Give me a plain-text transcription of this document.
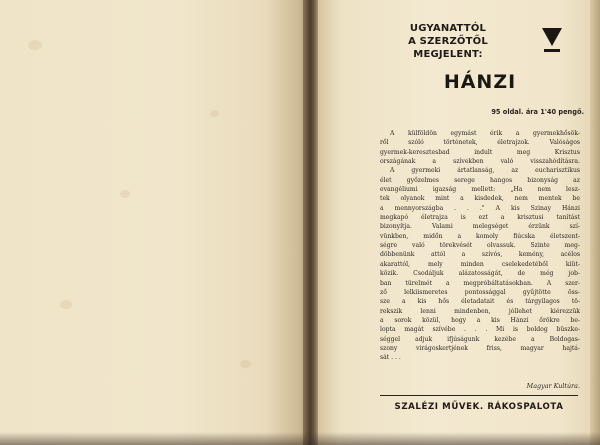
UGYANATTÓL
A SZERZŐTŐL
MEGJELENT:
HÁNZI
95 oldal. ára 1'40 pengő.
A külföldön egymást érik a gyermekhősök-
ről szóló történetek, életrajzok. Valóságos
gyermek-keresztesbad indult meg Krisztus
országának a szívekben való visszahódításra.
A gyermeki ártatlanság, az eucharisztikus
élet győzelmes serege hangos bizonyság az
evangéliumi igazság mellett: „Ha nem lesz-
tek olyanok mint a kisdedek, nem mentek be
a mennyországba . . ." A kis Szinay Hánzi
megkapó életrajza is ezt a krisztusi tanítást
bizonyítja. Valami melegséget érzünk szí-
vünkben, midőn a komoly fiúcska életszent-
ségre való törekvését olvassuk. Szinte meg-
döbbenünk attól a szívós, kemény, acélos
akarattól, mely minden cselekedetéből kiüt-
közik. Csodáljuk alázatosságát, de még job-
ban türelmét a megpróbáltatásokban. A szer-
ző lelkiismeretes pontossággal gyűjtötte öss-
sze a kis hős életadatait és tárgyilagos tö-
rekszik lenni mindenben, jóllehet kiérezzük
a sorok közül, hogy a kis Hánzi őrökre be-
lopta magát szívébe . . . Mi is boldog büszke-
séggel adjuk ifjúságunk kezébe a Boldogas-
szony virágoskertjének friss, magyar hajtá-
sát . . .
Magyar Kultúra.
SZALÉZI MŰVEK. RÁKOSPALOTA
